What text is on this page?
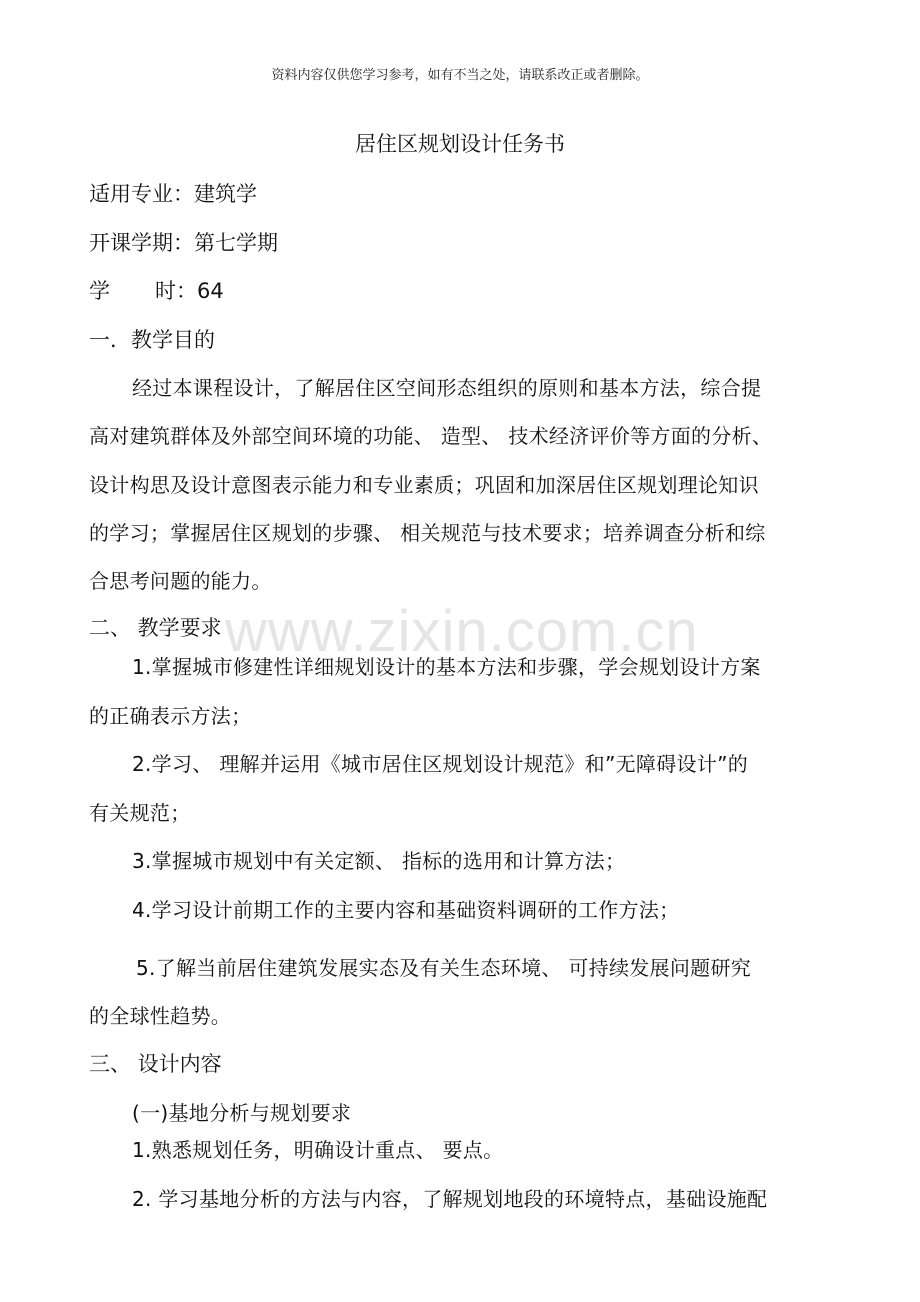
资料内容仅供您学习参考，如有不当之处，请联系改正或者删除。
居住区规划设计任务书
适用专业：建筑学
开课学期：第七学期
学 时：64
一．教学目的
经过本课程设计，了解居住区空间形态组织的原则和基本方法，综合提
高对建筑群体及外部空间环境的功能、 造型、 技术经济评价等方面的分析、
设计构思及设计意图表示能力和专业素质；巩固和加深居住区规划理论知识
的学习；掌握居住区规划的步骤、 相关规范与技术要求；培养调查分析和综
合思考问题的能力。
二、 教学要求
1.掌握城市修建性详细规划设计的基本方法和步骤，学会规划设计方案
的正确表示方法；
2.学习、 理解并运用《城市居住区规划设计规范》和”无障碍设计”的
有关规范；
3.掌握城市规划中有关定额、 指标的选用和计算方法；
4.学习设计前期工作的主要内容和基础资料调研的工作方法；
5.了解当前居住建筑发展实态及有关生态环境、 可持续发展问题研究
的全球性趋势。
三、 设计内容
(一)基地分析与规划要求
1.熟悉规划任务，明确设计重点、 要点。
2. 学习基地分析的方法与内容，了解规划地段的环境特点，基础设施配
www.zixin.com.cn
